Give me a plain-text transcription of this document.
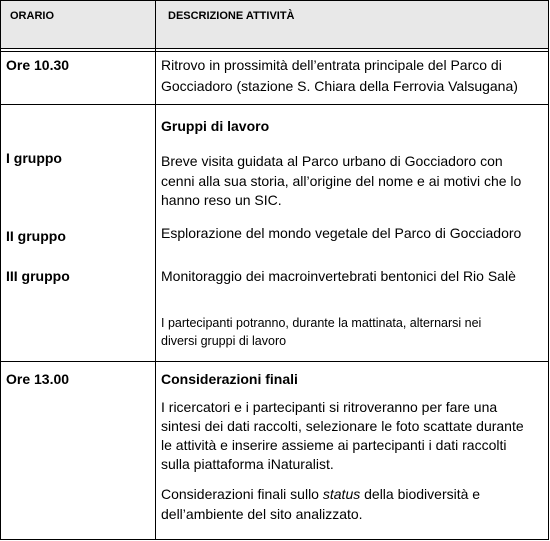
ORARIO	DESCRIZIONE ATTIVITÀ
Ore 10.30	Ritrovo in prossimità dell’entrata principale del Parco di
Gocciadoro (stazione S. Chiara della Ferrovia Valsugana)
Gruppi di lavoro
I gruppo	Breve visita guidata al Parco urbano di Gocciadoro con
cenni alla sua storia, all’origine del nome e ai motivi che lo
hanno reso un SIC.
II gruppo	Esplorazione del mondo vegetale del Parco di Gocciadoro
III gruppo	Monitoraggio dei macroinvertebrati bentonici del Rio Salè
I partecipanti potranno, durante la mattinata, alternarsi nei
diversi gruppi di lavoro
Ore 13.00	Considerazioni finali
I ricercatori e i partecipanti si ritroveranno per fare una
sintesi dei dati raccolti, selezionare le foto scattate durante
le attività e inserire assieme ai partecipanti i dati raccolti
sulla piattaforma iNaturalist.
Considerazioni finali sullo status della biodiversità e
dell’ambiente del sito analizzato.
